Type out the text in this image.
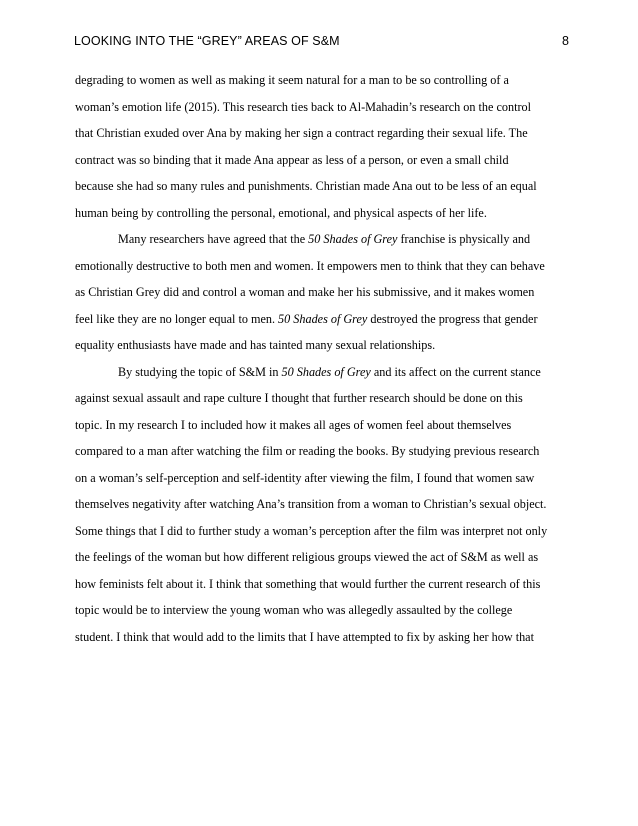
LOOKING INTO THE “GREY” AREAS OF S&M	8
degrading to women as well as making it seem natural for a man to be so controlling of a
woman’s emotion life (2015). This research ties back to Al-Mahadin’s research on the control
that Christian exuded over Ana by making her sign a contract regarding their sexual life. The
contract was so binding that it made Ana appear as less of a person, or even a small child
because she had so many rules and punishments. Christian made Ana out to be less of an equal
human being by controlling the personal, emotional, and physical aspects of her life.
Many researchers have agreed that the 50 Shades of Grey franchise is physically and
emotionally destructive to both men and women. It empowers men to think that they can behave
as Christian Grey did and control a woman and make her his submissive, and it makes women
feel like they are no longer equal to men. 50 Shades of Grey destroyed the progress that gender
equality enthusiasts have made and has tainted many sexual relationships.
By studying the topic of S&M in 50 Shades of Grey and its affect on the current stance
against sexual assault and rape culture I thought that further research should be done on this
topic. In my research I to included how it makes all ages of women feel about themselves
compared to a man after watching the film or reading the books. By studying previous research
on a woman’s self-perception and self-identity after viewing the film, I found that women saw
themselves negativity after watching Ana’s transition from a woman to Christian’s sexual object.
Some things that I did to further study a woman’s perception after the film was interpret not only
the feelings of the woman but how different religious groups viewed the act of S&M as well as
how feminists felt about it. I think that something that would further the current research of this
topic would be to interview the young woman who was allegedly assaulted by the college
student. I think that would add to the limits that I have attempted to fix by asking her how that
